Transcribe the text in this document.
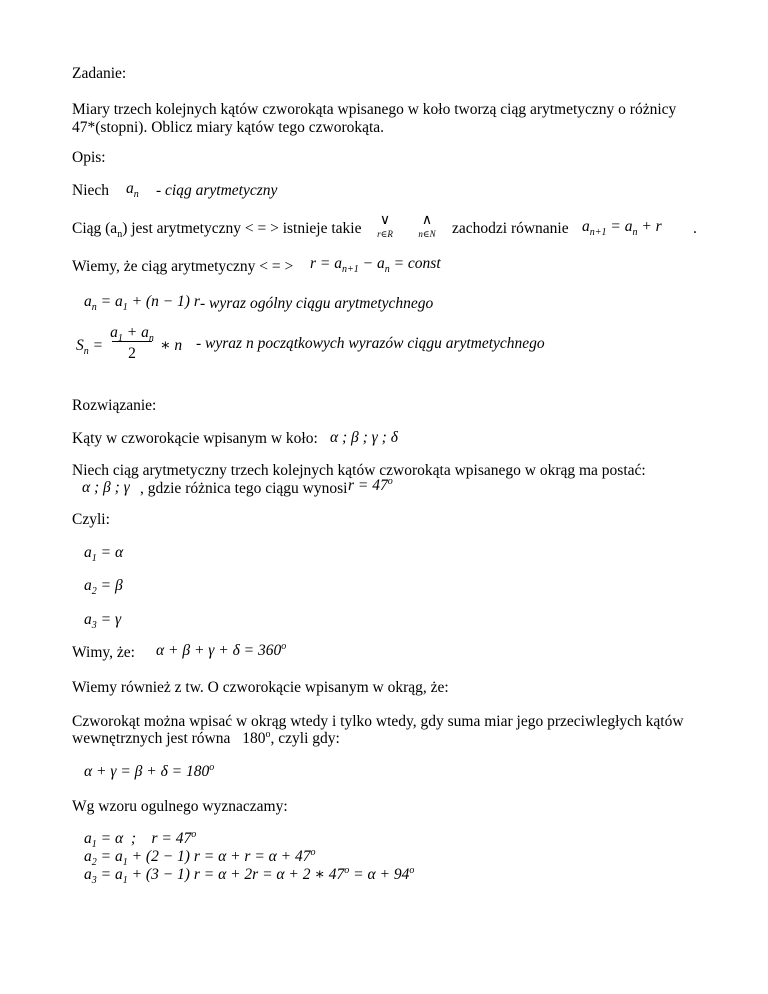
Zadanie:
Miary trzech kolejnych kątów czworokąta wpisanego w koło tworzą ciąg arytmetyczny o różnicy
47*(stopni). Oblicz miary kątów tego czworokąta.
Opis:
Niech $a_n$ - ciąg arytmetyczny
Ciąg $(a_n)$ jest arytmetyczny < = > istnieje takie	∨
r∈R
∧
n∈N	zachodzi równanie $a_{n+1} = a_n + r$ .
Wiemy, że ciąg arytmetyczny < = > $r = a_{n+1} - a_n$ = const
$a_n = a_1 + (n - 1)$ r - wyraz ogólny ciągu arytmetychnego
$S_n$ =
$a_1 + a_n$
2	∗ n - wyraz n początkowych wyrazów ciągu arytmetychnego
Rozwiązanie:
Kąty w czworokącie wpisanym w koło: α ; β ; γ ; δ
Niech ciąg arytmetyczny trzech kolejnych kątów czworokąta wpisanego w okrąg ma postać:
α ; β ; γ , gdzie różnica tego ciągu wynosi $r = 47^o$
Czyli:
$a_1 = \alpha$
$a_2 = \beta$
$a_3 = \gamma$
Wimy, że: $\alpha + \beta + \gamma + \delta = 360^o$
Wiemy również z tw. O czworokącie wpisanym w okrąg, że:
Czworokąt można wpisać w okrąg wtedy i tylko wtedy, gdy suma miar jego przeciwległych kątów
wewnętrznych jest równa 180$^o$, czyli gdy:
$\alpha + \gamma = \beta + \delta = 180^o$
Wg wzoru ogulnego wyznaczamy:
$a_1 = \alpha$  ;    $r = 47^o$
$a_2 = a_1 + (2 - 1) r = \alpha + r = \alpha + 47^o$
$a_3 = a_1 + (3 - 1) r = \alpha + 2r = \alpha + 2$ ∗ $47^o = \alpha + 94^o$
